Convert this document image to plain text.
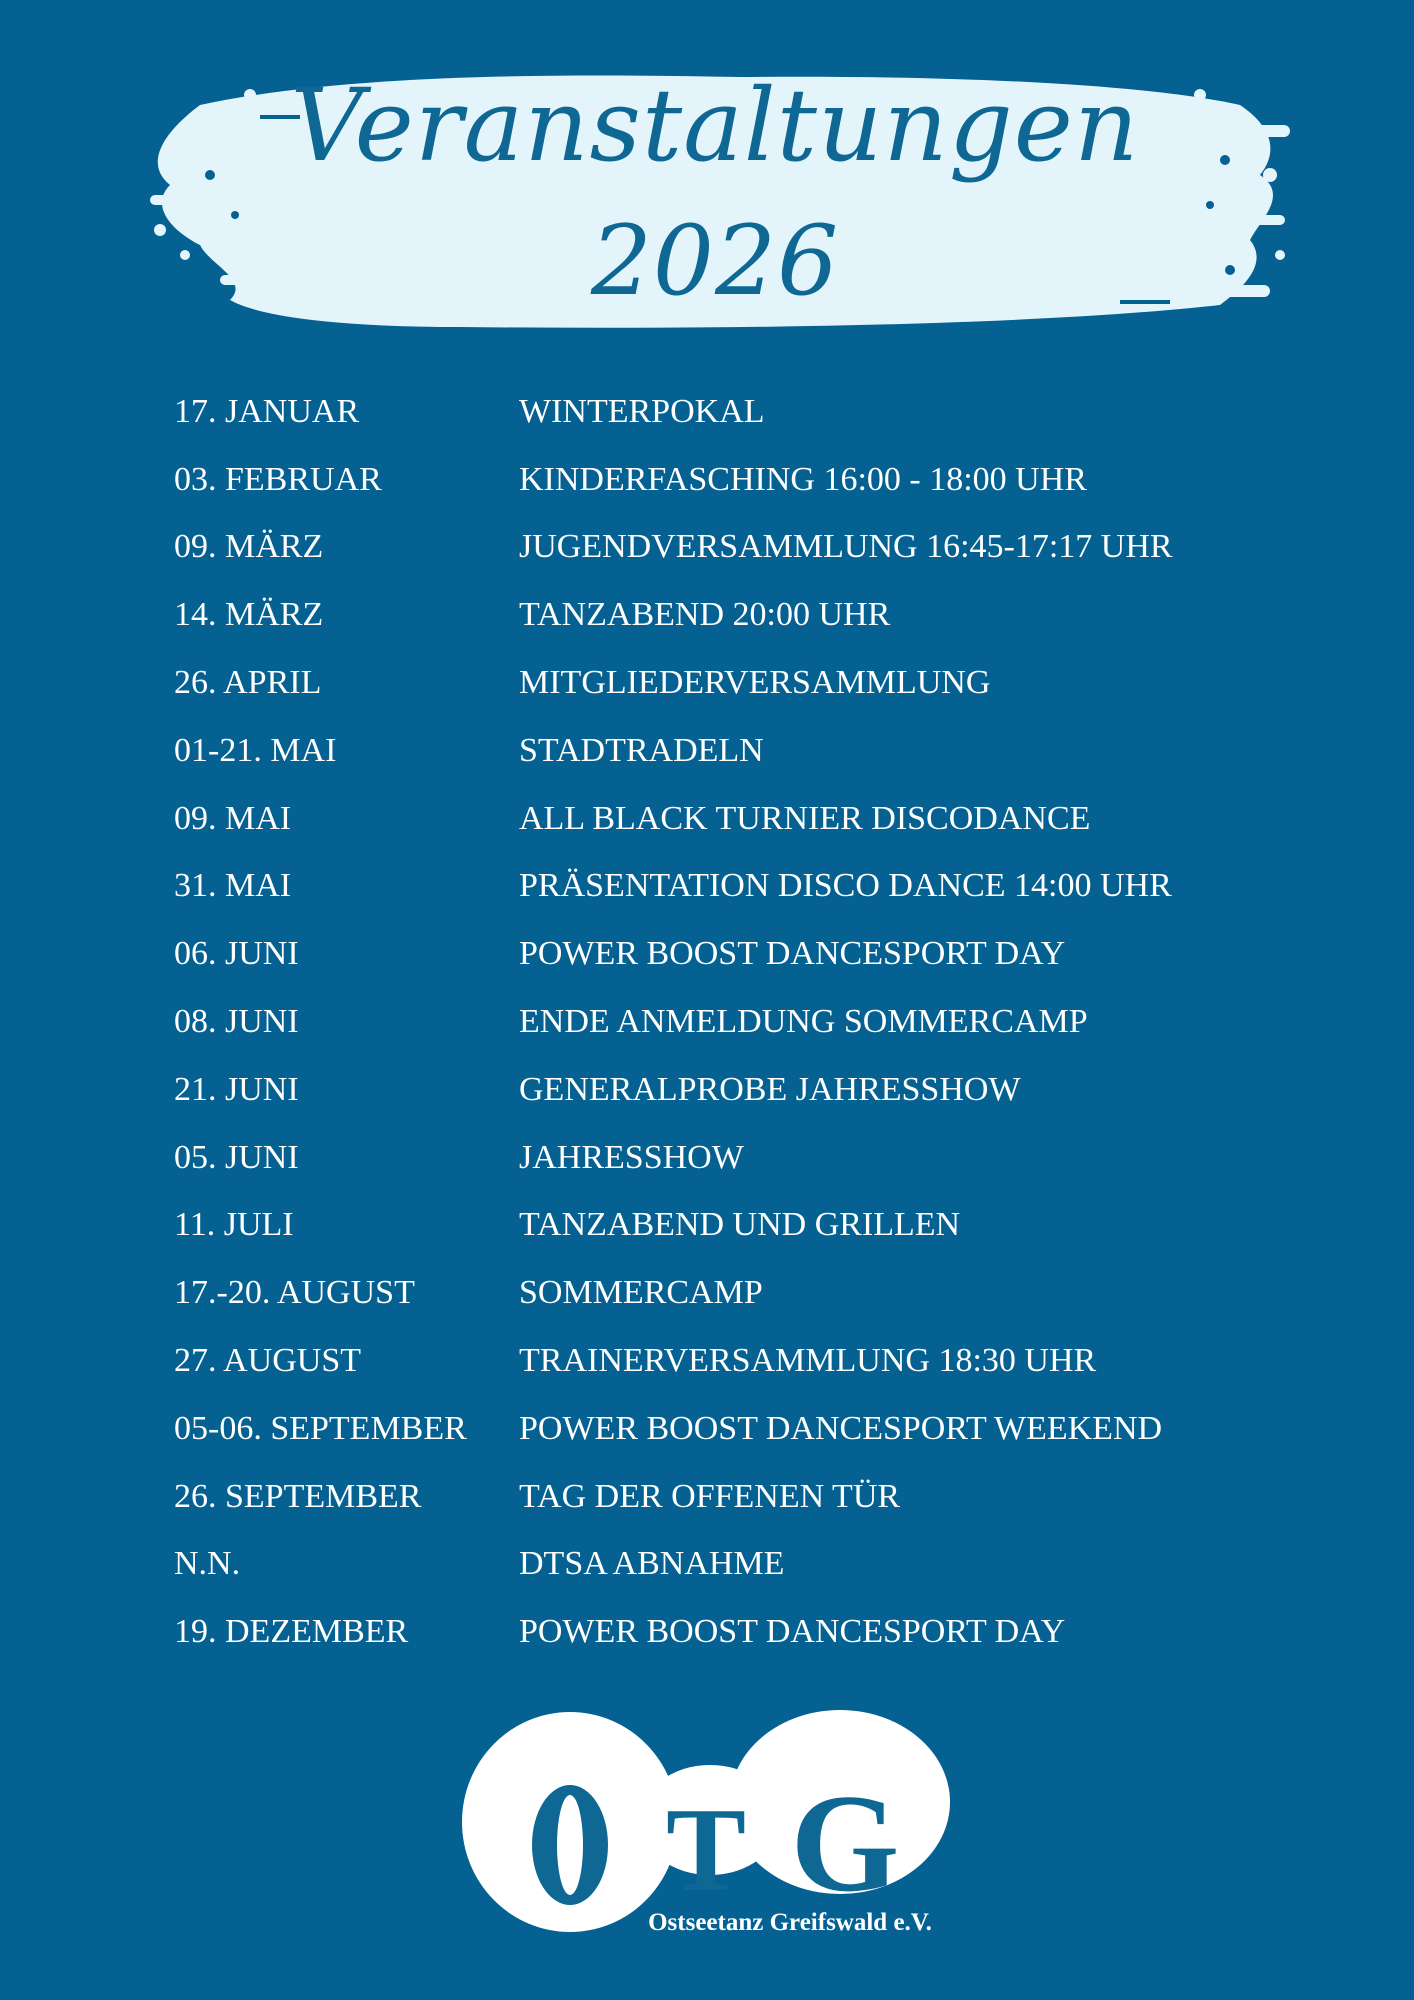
Veranstaltungen
2026
17. JANUAR	WINTERPOKAL
03. FEBRUAR	KINDERFASCHING 16:00 - 18:00 UHR
09. MÄRZ	JUGENDVERSAMMLUNG 16:45-17:17 UHR
14. MÄRZ	TANZABEND 20:00 UHR
26. APRIL	MITGLIEDERVERSAMMLUNG
01-21. MAI	STADTRADELN
09. MAI	ALL BLACK TURNIER DISCODANCE
31. MAI	PRÄSENTATION DISCO DANCE 14:00 UHR
06. JUNI	POWER BOOST DANCESPORT DAY
08. JUNI	ENDE ANMELDUNG SOMMERCAMP
21. JUNI	GENERALPROBE JAHRESSHOW
05. JUNI	JAHRESSHOW
11. JULI	TANZABEND UND GRILLEN
17.-20. AUGUST	SOMMERCAMP
27. AUGUST	TRAINERVERSAMMLUNG 18:30 UHR
05-06. SEPTEMBER	POWER BOOST DANCESPORT WEEKEND
26. SEPTEMBER	TAG DER OFFENEN TÜR
N.N.	DTSA ABNAHME
19. DEZEMBER	POWER BOOST DANCESPORT DAY
T G
Ostseetanz Greifswald e.V.
